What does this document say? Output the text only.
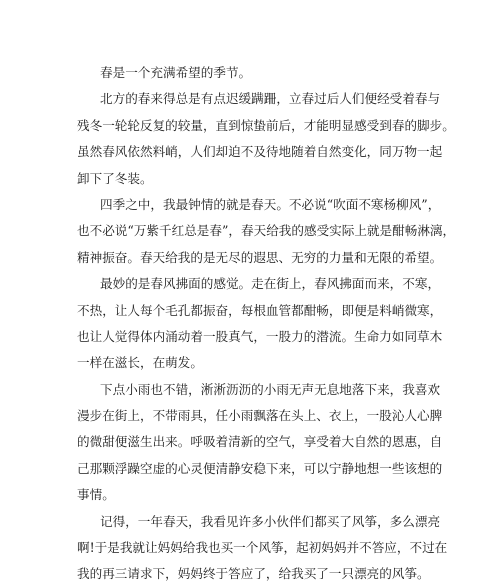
春是一个充满希望的季节。
北方的春来得总是有点迟缓蹒跚，立春过后人们便经受着春与
残冬一轮轮反复的较量，直到惊蛰前后，才能明显感受到春的脚步。
虽然春风依然料峭，人们却迫不及待地随着自然变化，同万物一起
卸下了冬装。
四季之中，我最钟情的就是春天。不必说“吹面不寒杨柳风”，
也不必说“万紫千红总是春”，春天给我的感受实际上就是酣畅淋漓，
精神振奋。春天给我的是无尽的遐思、无穷的力量和无限的希望。
最妙的是春风拂面的感觉。走在街上，春风拂面而来，不寒，
不热，让人每个毛孔都振奋，每根血管都酣畅，即便是料峭微寒，
也让人觉得体内涌动着一股真气，一股力的潜流。生命力如同草木
一样在滋长，在萌发。
下点小雨也不错，淅淅沥沥的小雨无声无息地落下来，我喜欢
漫步在街上，不带雨具，任小雨飘落在头上、衣上，一股沁人心脾
的微甜便滋生出来。呼吸着清新的空气，享受着大自然的恩惠，自
己那颗浮躁空虚的心灵便清静安稳下来，可以宁静地想一些该想的
事情。
记得，一年春天，我看见许多小伙伴们都买了风筝，多么漂亮
啊!于是我就让妈妈给我也买一个风筝，起初妈妈并不答应，不过在
我的再三请求下，妈妈终于答应了，给我买了一只漂亮的风筝。
